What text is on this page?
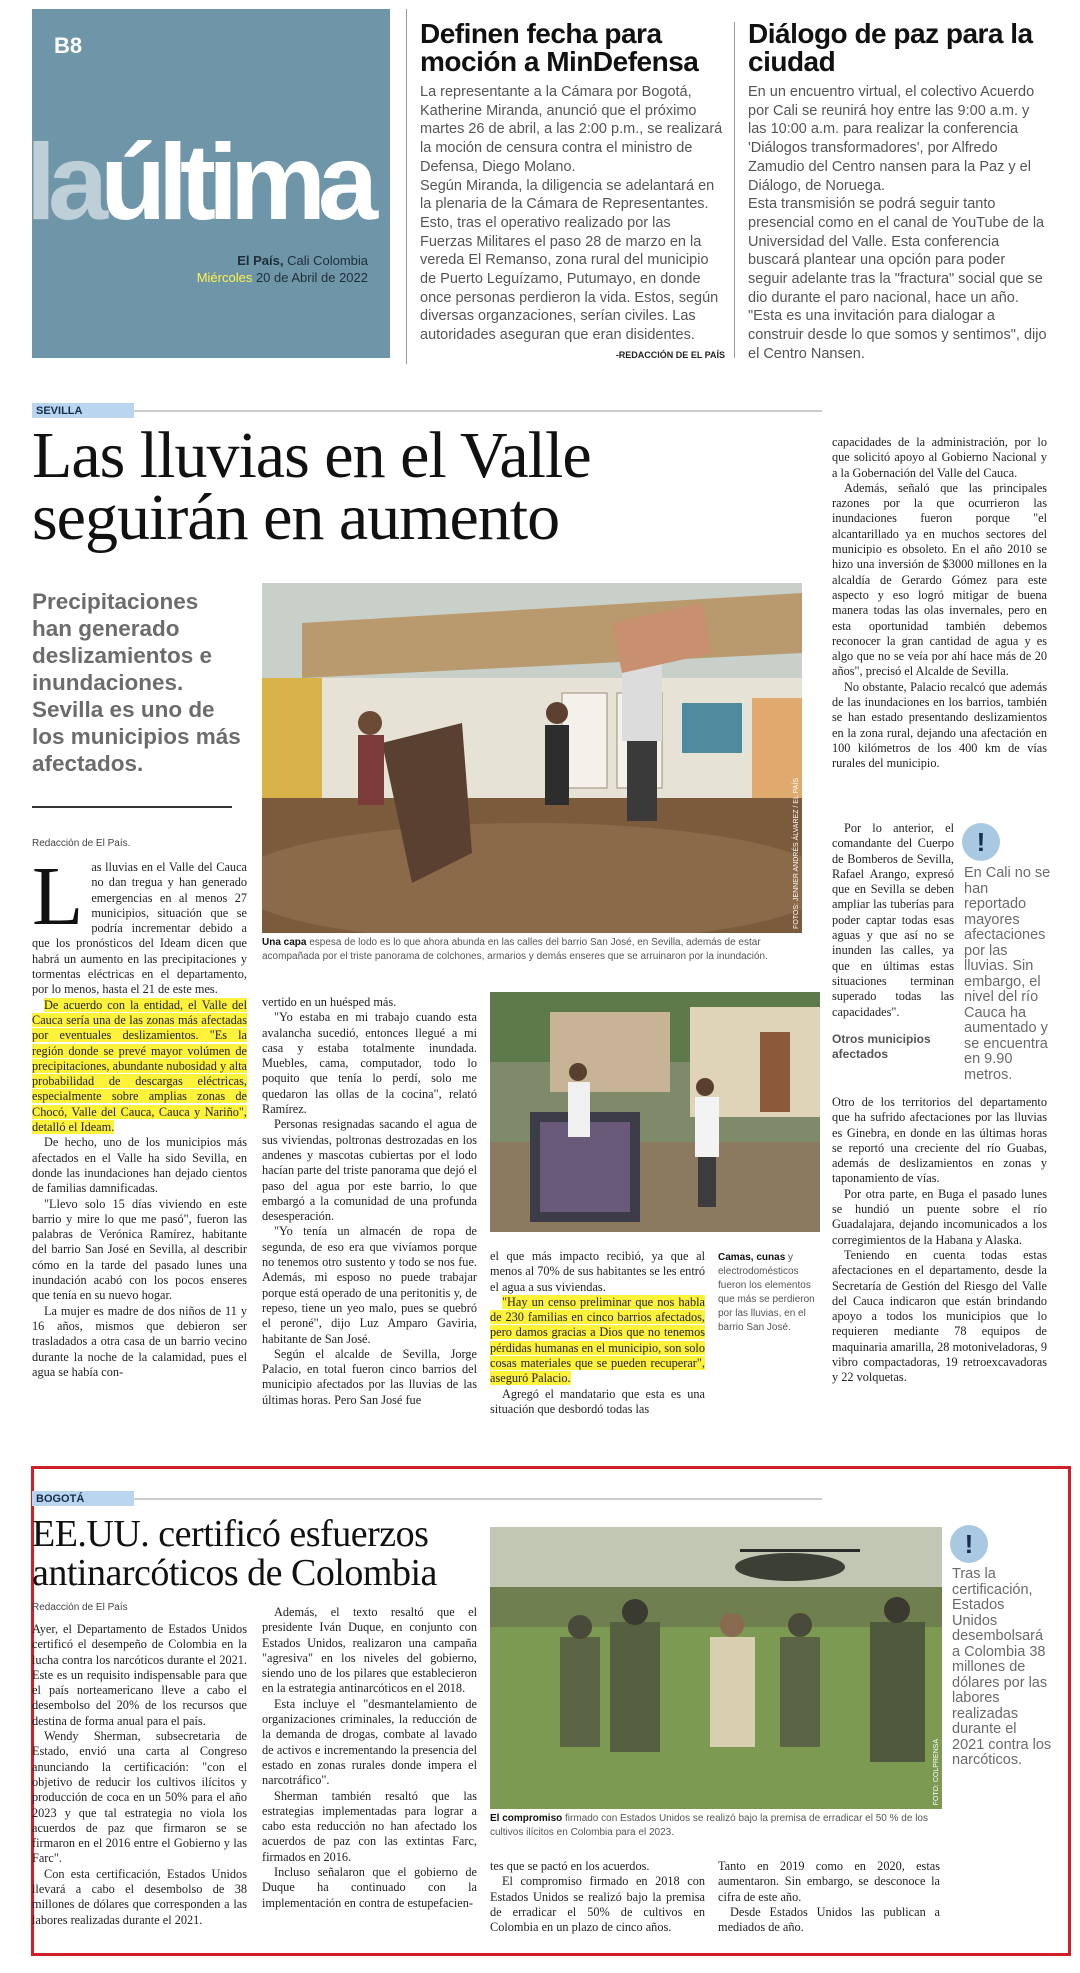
B8
laúltima
El País, Cali Colombia
Miércoles 20 de Abril de 2022
Definen fecha para moción a MinDefensa

La representante a la Cámara por Bogotá, Katherine Miranda, anunció que el próximo martes 26 de abril, a las 2:00 p.m., se realizará la moción de censura contra el ministro de Defensa, Diego Molano.

Según Miranda, la diligencia se adelantará en la plenaria de la Cámara de Representantes. Esto, tras el operativo realizado por las Fuerzas Militares el paso 28 de marzo en la vereda El Remanso, zona rural del municipio de Puerto Leguízamo, Putumayo, en donde once personas perdieron la vida. Estos, según diversas organzaciones, serían civiles. Las autoridades aseguran que eran disidentes.

-REDACCIÓN DE EL PAÍS
Diálogo de paz para la ciudad

En un encuentro virtual, el colectivo Acuerdo por Cali se reunirá hoy entre las 9:00 a.m. y las 10:00 a.m. para realizar la conferencia 'Diálogos transformadores', por Alfredo Zamudio del Centro nansen para la Paz y el Diálogo, de Noruega.

Esta transmisión se podrá seguir tanto presencial como en el canal de YouTube de la Universidad del Valle. Esta conferencia buscará plantear una opción para poder seguir adelante tras la "fractura" social que se dio durante el paro nacional, hace un año.

"Esta es una invitación para dialogar a construir desde lo que somos y sentimos", dijo el Centro Nansen.

SEVILLA
Las lluvias en el Valle seguirán en aumento
Precipitaciones han generado deslizamientos e inundaciones. Sevilla es uno de los municipios más afectados.
Redacción de El País.	FOTOS: JENNER ANDRÉS ÁLVAREZ / EL PAÍS
Una capa espesa de lodo es lo que ahora abunda en las calles del barrio San José, en Sevilla, además de estar acompañada por el triste panorama de colchones, armarios y demás enseres que se arruinaron por la inundación.
L as lluvias en el Valle del Cauca no dan tregua y han generado emergencias en al menos 27 municipios, situación que se podría incrementar debido a que los pronósticos del Ideam dicen que habrá un aumento en las precipitaciones y tormentas eléctricas en el departamento, por lo menos, hasta el 21 de este mes.

De acuerdo con la entidad, el Valle del Cauca sería una de las zonas más afectadas por eventuales deslizamientos. "Es la región donde se prevé mayor volúmen de precipitaciones, abundante nubosidad y alta probabilidad de descargas eléctricas, especialmente sobre amplias zonas de Chocó, Valle del Cauca, Cauca y Nariño", detalló el Ideam.

De hecho, uno de los municipios más afectados en el Valle ha sido Sevilla, en donde las inundaciones han dejado cientos de familias damnificadas.

"Llevo solo 15 días viviendo en este barrio y mire lo que me pasó", fueron las palabras de Verónica Ramírez, habitante del barrio San José en Sevilla, al describir cómo en la tarde del pasado lunes una inundación acabó con los pocos enseres que tenía en su nuevo hogar.

La mujer es madre de dos niños de 11 y 16 años, mismos que debieron ser trasladados a otra casa de un barrio vecino durante la noche de la calamidad, pues el agua se había con-

vertido en un huésped más.

"Yo estaba en mi trabajo cuando esta avalancha sucedió, entonces llegué a mi casa y estaba totalmente inundada. Muebles, cama, computador, todo lo poquito que tenía lo perdí, solo me quedaron las ollas de la cocina", relató Ramírez.

Personas resignadas sacando el agua de sus viviendas, poltronas destrozadas en los andenes y mascotas cubiertas por el lodo hacían parte del triste panorama que dejó el paso del agua por este barrio, lo que embargó a la comunidad de una profunda desesperación.

"Yo tenía un almacén de ropa de segunda, de eso era que vivíamos porque no tenemos otro sustento y todo se nos fue. Además, mi esposo no puede trabajar porque está operado de una peritonitis y, de repeso, tiene un yeo malo, pues se quebró el peroné", dijo Luz Amparo Gaviria, habitante de San José.

Según el alcalde de Sevilla, Jorge Palacio, en total fueron cinco barrios del municipio afectados por las lluvias de las últimas horas. Pero San José fue

el que más impacto recibió, ya que al menos al 70% de sus habitantes se les entró el agua a sus viviendas.

"Hay un censo preliminar que nos habla de 230 familias en cinco barrios afectados, pero damos gracias a Dios que no tenemos pérdidas humanas en el municipio, son solo cosas materiales que se pueden recuperar", aseguró Palacio.

Agregó el mandatario que esta es una situación que desbordó todas las

Camas, cunas y electrodomésticos fueron los elementos que más se perdieron por las lluvias, en el barrio San José.

capacidades de la administración, por lo que solicitó apoyo al Gobierno Nacional y a la Gobernación del Valle del Cauca.

Además, señaló que las principales razones por la que ocurrieron las inundaciones fueron porque "el alcantarillado ya en muchos sectores del municipio es obsoleto. En el año 2010 se hizo una inversión de $3000 millones en la alcaldía de Gerardo Gómez para este aspecto y eso logró mitigar de buena manera todas las olas invernales, pero en esta oportunidad también debemos reconocer la gran cantidad de agua y es algo que no se veía por ahí hace más de 20 años", precisó el Alcalde de Sevilla.

No obstante, Palacio recalcó que además de las inundaciones en los barrios, también se han estado presentando deslizamientos en la zona rural, dejando una afectación en 100 kilómetros de los 400 km de vías rurales del municipio.

Por lo anterior, el comandante del Cuerpo de Bomberos de Sevilla, Rafael Arango, expresó que en Sevilla se deben ampliar las tuberías para poder captar todas esas aguas y que así no se inunden las calles, ya que en últimas estas situaciones terminan superado todas las capacidades".

Otros municipios afectados

Otro de los territorios del departamento que ha sufrido afectaciones por las lluvias es Ginebra, en donde en las últimas horas se reportó una creciente del río Guabas, además de deslizamientos en zonas y taponamiento de vías.

Por otra parte, en Buga el pasado lunes se hundió un puente sobre el río Guadalajara, dejando incomunicados a los corregimientos de la Habana y Alaska.

Teniendo en cuenta todas estas afectaciones en el departamento, desde la Secretaría de Gestión del Riesgo del Valle del Cauca indicaron que están brindando apoyo a todos los municipios que lo requieren mediante 78 equipos de maquinaria amarilla, 28 motoniveladoras, 9 vibro compactadoras, 19 retroexcavadoras y 22 volquetas.

!
En Cali no se han reportado mayores afectaciones por las lluvias. Sin embargo, el nivel del río Cauca ha aumentado y se encuentra en 9.90 metros.
BOGOTÁ
EE.UU. certificó esfuerzos antinarcóticos de Colombia
Redacción de El País

Ayer, el Departamento de Estados Unidos certificó el desempeño de Colombia en la lucha contra los narcóticos durante el 2021. Este es un requisito indispensable para que el país norteamericano lleve a cabo el desembolso del 20% de los recursos que destina de forma anual para el país.

Wendy Sherman, subsecretaria de Estado, envió una carta al Congreso anunciando la certificación: "con el objetivo de reducir los cultivos ilícitos y producción de coca en un 50% para el año 2023 y que tal estrategia no viola los acuerdos de paz que firmaron se se firmaron en el 2016 entre el Gobierno y las Farc".

Con esta certificación, Estados Unidos llevará a cabo el desembolso de 38 millones de dólares que corresponden a las labores realizadas durante el 2021.

Además, el texto resaltó que el presidente Iván Duque, en conjunto con Estados Unidos, realizaron una campaña "agresiva" en los niveles del gobierno, siendo uno de los pilares que establecieron en la estrategia antinarcóticos en el 2018.

Esta incluye el "desmantelamiento de organizaciones criminales, la reducción de la demanda de drogas, combate al lavado de activos e incrementando la presencia del estado en zonas rurales donde impera el narcotráfico".

Sherman también resaltó que las estrategias implementadas para lograr a cabo esta reducción no han afectado los acuerdos de paz con las extintas Farc, firmados en 2016.

Incluso señalaron que el gobierno de Duque ha continuado con la implementación en contra de estupefacien-

FOTO: COLPRENSA
El compromiso firmado con Estados Unidos se realizó bajo la premisa de erradicar el 50 % de los cultivos ilícitos en Colombia para el 2023.

tes que se pactó en los acuerdos.

El compromiso firmado en 2018 con Estados Unidos se realizó bajo la premisa de erradicar el 50% de cultivos en Colombia en un plazo de cinco años.

Tanto en 2019 como en 2020, estas aumentaron. Sin embargo, se desconoce la cifra de este año.

Desde Estados Unidos las publican a mediados de año.

!
Tras la certificación, Estados Unidos desembolsará a Colombia 38 millones de dólares por las labores realizadas durante el 2021 contra los narcóticos.
